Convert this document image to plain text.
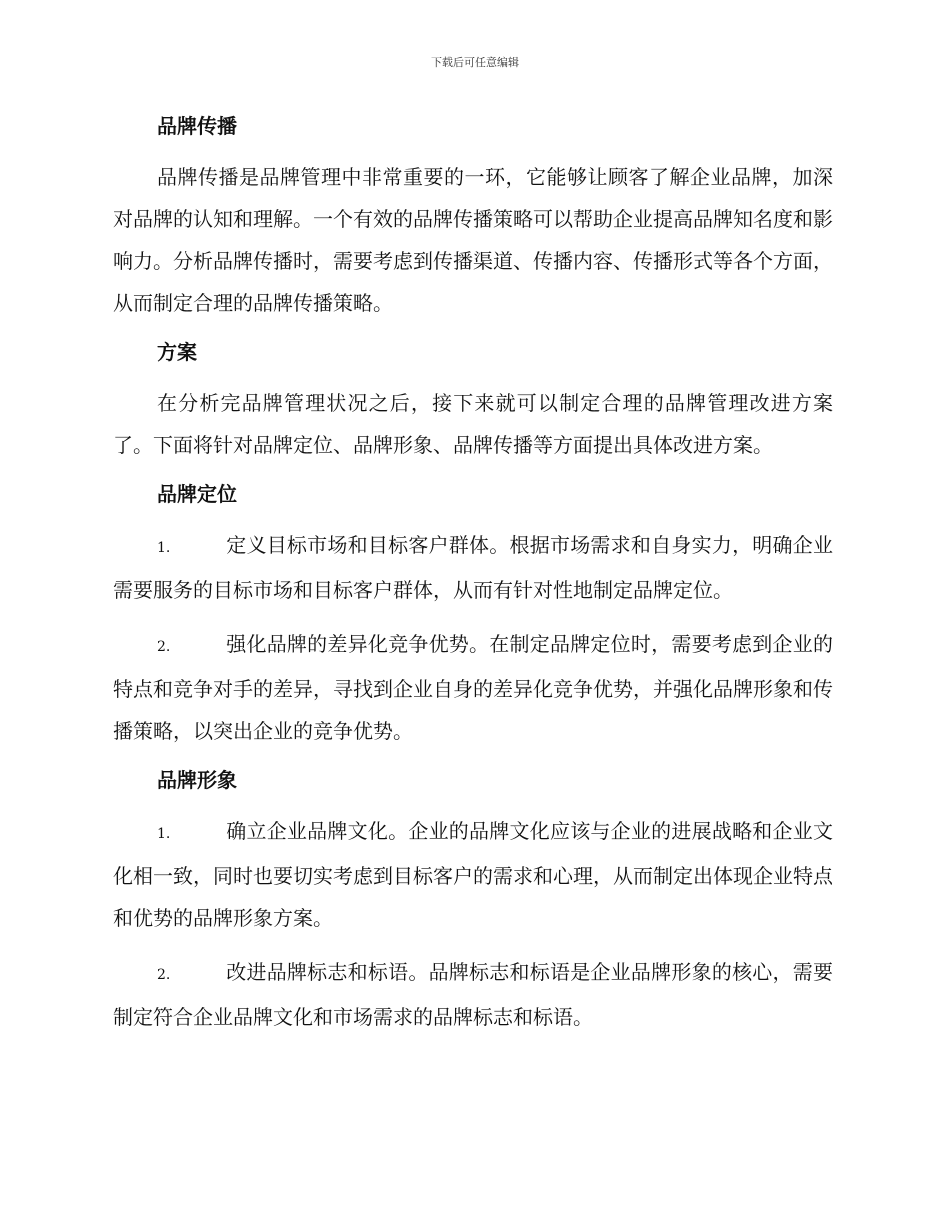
下载后可任意编辑
品牌传播

品牌传播是品牌管理中非常重要的一环，它能够让顾客了解企业品牌，加深对品牌的认知和理解。一个有效的品牌传播策略可以帮助企业提高品牌知名度和影响力。分析品牌传播时，需要考虑到传播渠道、传播内容、传播形式等各个方面，从而制定合理的品牌传播策略。

方案

在分析完品牌管理状况之后，接下来就可以制定合理的品牌管理改进方案了。下面将针对品牌定位、品牌形象、品牌传播等方面提出具体改进方案。

品牌定位

1.	定义目标市场和目标客户群体。根据市场需求和自身实力，明确企业需要服务的目标市场和目标客户群体，从而有针对性地制定品牌定位。

2.	强化品牌的差异化竞争优势。在制定品牌定位时，需要考虑到企业的特点和竞争对手的差异，寻找到企业自身的差异化竞争优势，并强化品牌形象和传播策略，以突出企业的竞争优势。

品牌形象

1.	确立企业品牌文化。企业的品牌文化应该与企业的进展战略和企业文化相一致，同时也要切实考虑到目标客户的需求和心理，从而制定出体现企业特点和优势的品牌形象方案。

2.	改进品牌标志和标语。品牌标志和标语是企业品牌形象的核心，需要制定符合企业品牌文化和市场需求的品牌标志和标语。
